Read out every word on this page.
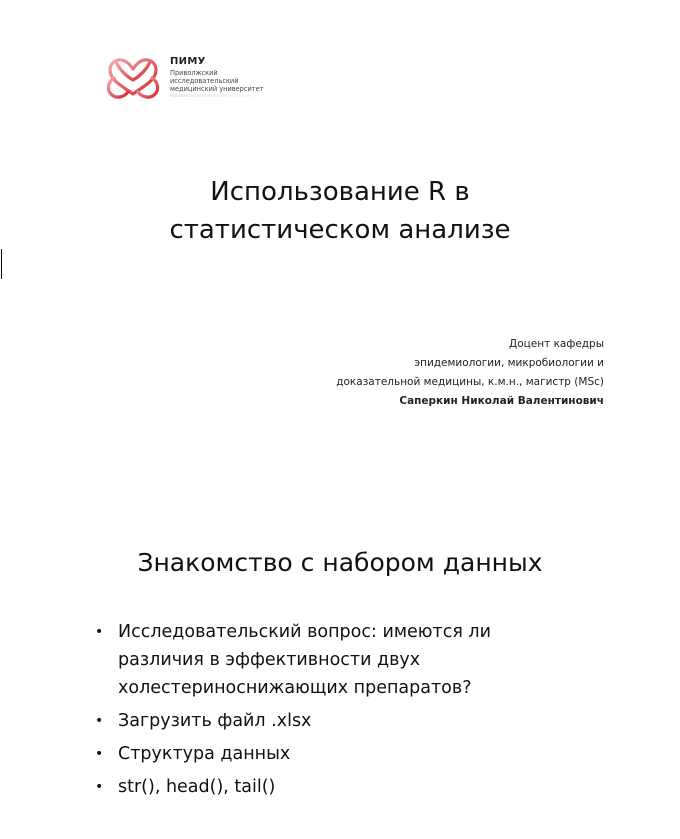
ПИМУ
Приволжский
исследовательский
медицинский университет
Использование R в
статистическом анализе
Доцент кафедры
эпидемиологии, микробиологии и
доказательной медицины, к.м.н., магистр (MSc)
Саперкин Николай Валентинович
Знакомство с набором данных
• Исследовательский вопрос: имеются ли
различия в эффективности двух
холестериноснижающих препаратов?
• Загрузить файл .xlsx
• Структура данных
• str(), head(), tail()
